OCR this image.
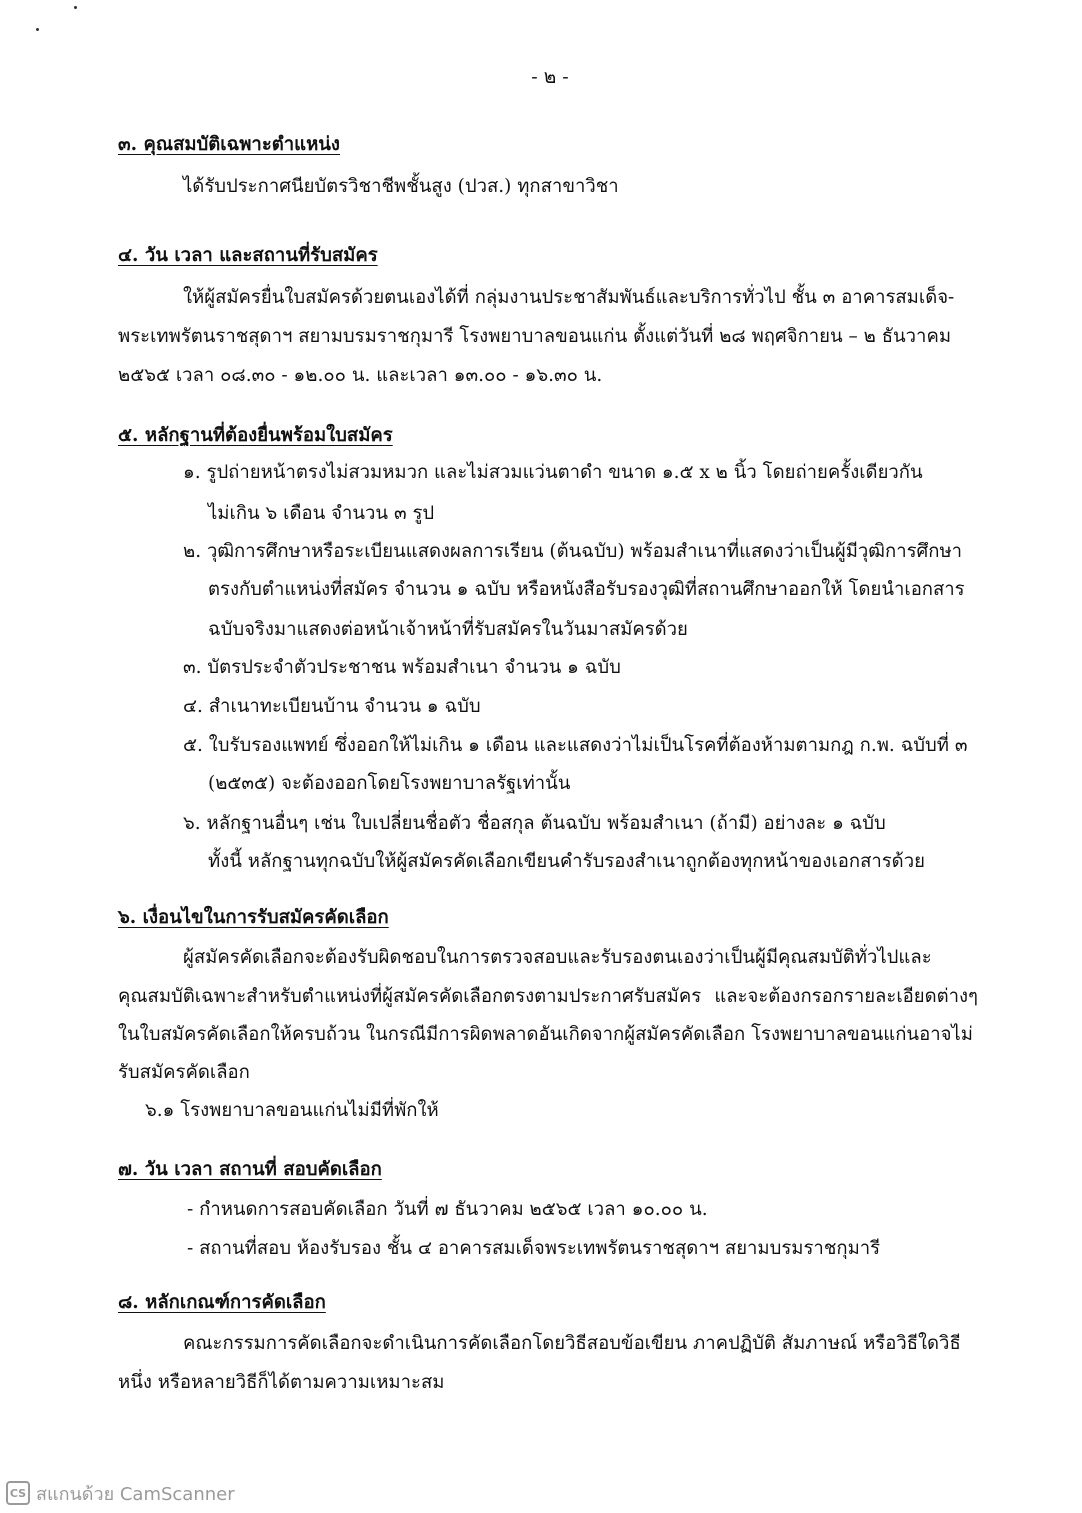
- ๒ -
๓. คุณสมบัติเฉพาะตำแหน่ง
ได้รับประกาศนียบัตรวิชาชีพชั้นสูง (ปวส.) ทุกสาขาวิชา
๔. วัน เวลา และสถานที่รับสมัคร
ให้ผู้สมัครยื่นใบสมัครด้วยตนเองได้ที่ กลุ่มงานประชาสัมพันธ์และบริการทั่วไป ชั้น ๓ อาคารสมเด็จ-
พระเทพรัตนราชสุดาฯ สยามบรมราชกุมารี โรงพยาบาลขอนแก่น ตั้งแต่วันที่ ๒๘ พฤศจิกายน – ๒ ธันวาคม
๒๕๖๕ เวลา ๐๘.๓๐ - ๑๒.๐๐ น. และเวลา ๑๓.๐๐ - ๑๖.๓๐ น.
๕. หลักฐานที่ต้องยื่นพร้อมใบสมัคร
๑. รูปถ่ายหน้าตรงไม่สวมหมวก และไม่สวมแว่นตาดำ ขนาด ๑.๕ x ๒ นิ้ว โดยถ่ายครั้งเดียวกัน
ไม่เกิน ๖ เดือน จำนวน ๓ รูป
๒. วุฒิการศึกษาหรือระเบียนแสดงผลการเรียน (ต้นฉบับ) พร้อมสำเนาที่แสดงว่าเป็นผู้มีวุฒิการศึกษา
ตรงกับตำแหน่งที่สมัคร จำนวน ๑ ฉบับ หรือหนังสือรับรองวุฒิที่สถานศึกษาออกให้ โดยนำเอกสาร
ฉบับจริงมาแสดงต่อหน้าเจ้าหน้าที่รับสมัครในวันมาสมัครด้วย
๓. บัตรประจำตัวประชาชน พร้อมสำเนา จำนวน ๑ ฉบับ
๔. สำเนาทะเบียนบ้าน จำนวน ๑ ฉบับ
๕. ใบรับรองแพทย์ ซึ่งออกให้ไม่เกิน ๑ เดือน และแสดงว่าไม่เป็นโรคที่ต้องห้ามตามกฎ ก.พ. ฉบับที่ ๓
(๒๕๓๕) จะต้องออกโดยโรงพยาบาลรัฐเท่านั้น
๖. หลักฐานอื่นๆ เช่น ใบเปลี่ยนชื่อตัว ชื่อสกุล ต้นฉบับ พร้อมสำเนา (ถ้ามี) อย่างละ ๑ ฉบับ
ทั้งนี้ หลักฐานทุกฉบับให้ผู้สมัครคัดเลือกเขียนคำรับรองสำเนาถูกต้องทุกหน้าของเอกสารด้วย
๖. เงื่อนไขในการรับสมัครคัดเลือก
ผู้สมัครคัดเลือกจะต้องรับผิดชอบในการตรวจสอบและรับรองตนเองว่าเป็นผู้มีคุณสมบัติทั่วไปและ
คุณสมบัติเฉพาะสำหรับตำแหน่งที่ผู้สมัครคัดเลือกตรงตามประกาศรับสมัคร และจะต้องกรอกรายละเอียดต่างๆ
ในใบสมัครคัดเลือกให้ครบถ้วน ในกรณีมีการผิดพลาดอันเกิดจากผู้สมัครคัดเลือก โรงพยาบาลขอนแก่นอาจไม่
รับสมัครคัดเลือก
๖.๑ โรงพยาบาลขอนแก่นไม่มีที่พักให้
๗. วัน เวลา สถานที่ สอบคัดเลือก
- กำหนดการสอบคัดเลือก วันที่ ๗ ธันวาคม ๒๕๖๕ เวลา ๑๐.๐๐ น.
- สถานที่สอบ ห้องรับรอง ชั้น ๔ อาคารสมเด็จพระเทพรัตนราชสุดาฯ สยามบรมราชกุมารี
๘. หลักเกณฑ์การคัดเลือก
คณะกรรมการคัดเลือกจะดำเนินการคัดเลือกโดยวิธีสอบข้อเขียน ภาคปฏิบัติ สัมภาษณ์ หรือวิธีใดวิธี
หนึ่ง หรือหลายวิธีก็ได้ตามความเหมาะสม
CS สแกนด้วย CamScanner
